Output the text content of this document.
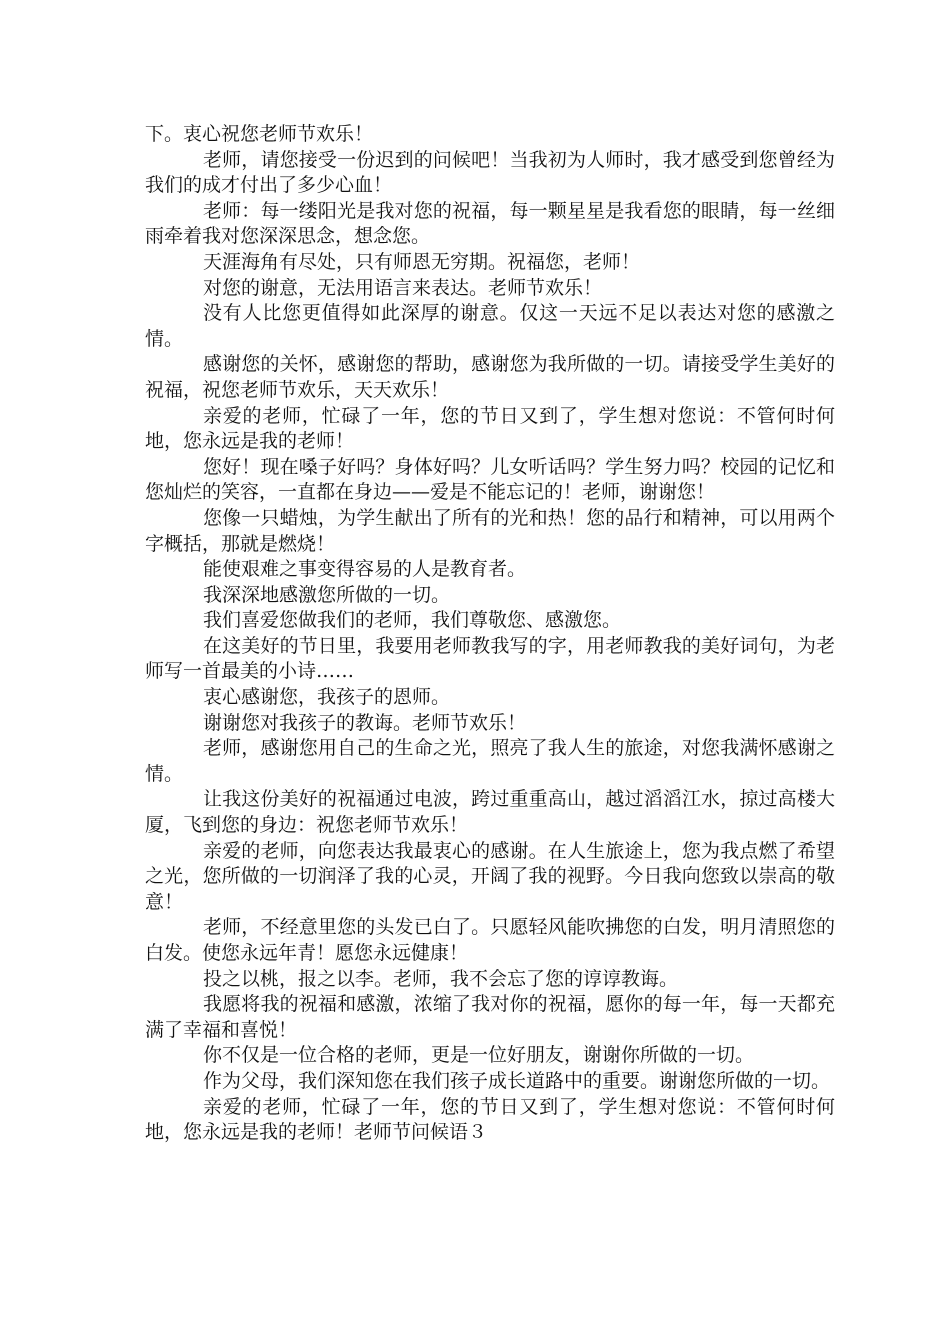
下。衷心祝您老师节欢乐！

老师，请您接受一份迟到的问候吧！当我初为人师时，我才感受到您曾经为我们的成才付出了多少心血！

老师：每一缕阳光是我对您的祝福，每一颗星星是我看您的眼睛，每一丝细雨牵着我对您深深思念，想念您。

天涯海角有尽处，只有师恩无穷期。祝福您，老师！

对您的谢意，无法用语言来表达。老师节欢乐！

没有人比您更值得如此深厚的谢意。仅这一天远不足以表达对您的感激之情。

感谢您的关怀，感谢您的帮助，感谢您为我所做的一切。请接受学生美好的祝福，祝您老师节欢乐，天天欢乐！

亲爱的老师，忙碌了一年，您的节日又到了，学生想对您说：不管何时何地，您永远是我的老师！

您好！现在嗓子好吗？身体好吗？儿女听话吗？学生努力吗？校园的记忆和您灿烂的笑容，一直都在身边——爱是不能忘记的！老师，谢谢您！

您像一只蜡烛，为学生献出了所有的光和热！您的品行和精神，可以用两个字概括，那就是燃烧！

能使艰难之事变得容易的人是教育者。

我深深地感激您所做的一切。

我们喜爱您做我们的老师，我们尊敬您、感激您。

在这美好的节日里，我要用老师教我写的字，用老师教我的美好词句，为老师写一首最美的小诗……

衷心感谢您，我孩子的恩师。

谢谢您对我孩子的教诲。老师节欢乐！

老师，感谢您用自己的生命之光，照亮了我人生的旅途，对您我满怀感谢之情。

让我这份美好的祝福通过电波，跨过重重高山，越过滔滔江水，掠过高楼大厦，飞到您的身边：祝您老师节欢乐！

亲爱的老师，向您表达我最衷心的感谢。在人生旅途上，您为我点燃了希望之光，您所做的一切润泽了我的心灵，开阔了我的视野。今日我向您致以崇高的敬意！

老师，不经意里您的头发已白了。只愿轻风能吹拂您的白发，明月清照您的白发。使您永远年青！愿您永远健康！

投之以桃，报之以李。老师，我不会忘了您的谆谆教诲。

我愿将我的祝福和感激，浓缩了我对你的祝福，愿你的每一年，每一天都充满了幸福和喜悦！

你不仅是一位合格的老师，更是一位好朋友，谢谢你所做的一切。

作为父母，我们深知您在我们孩子成长道路中的重要。谢谢您所做的一切。

亲爱的老师，忙碌了一年，您的节日又到了，学生想对您说：不管何时何地，您永远是我的老师！老师节问候语３
